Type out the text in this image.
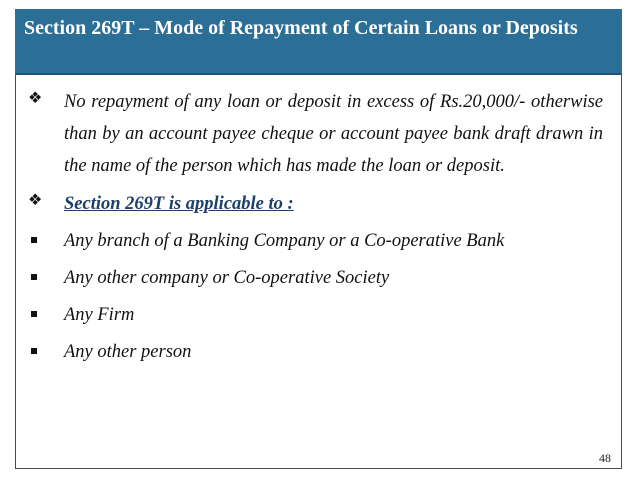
Section 269T – Mode of Repayment of Certain Loans or Deposits
❖ No repayment of any loan or deposit in excess of Rs.20,000/- otherwise than by an account payee cheque or account payee bank draft drawn in the name of the person which has made the loan or deposit.

❖ Section 269T is applicable to :

Any branch of a Banking Company or a Co-operative Bank

Any other company or Co-operative Society

Any Firm

Any other person

48
